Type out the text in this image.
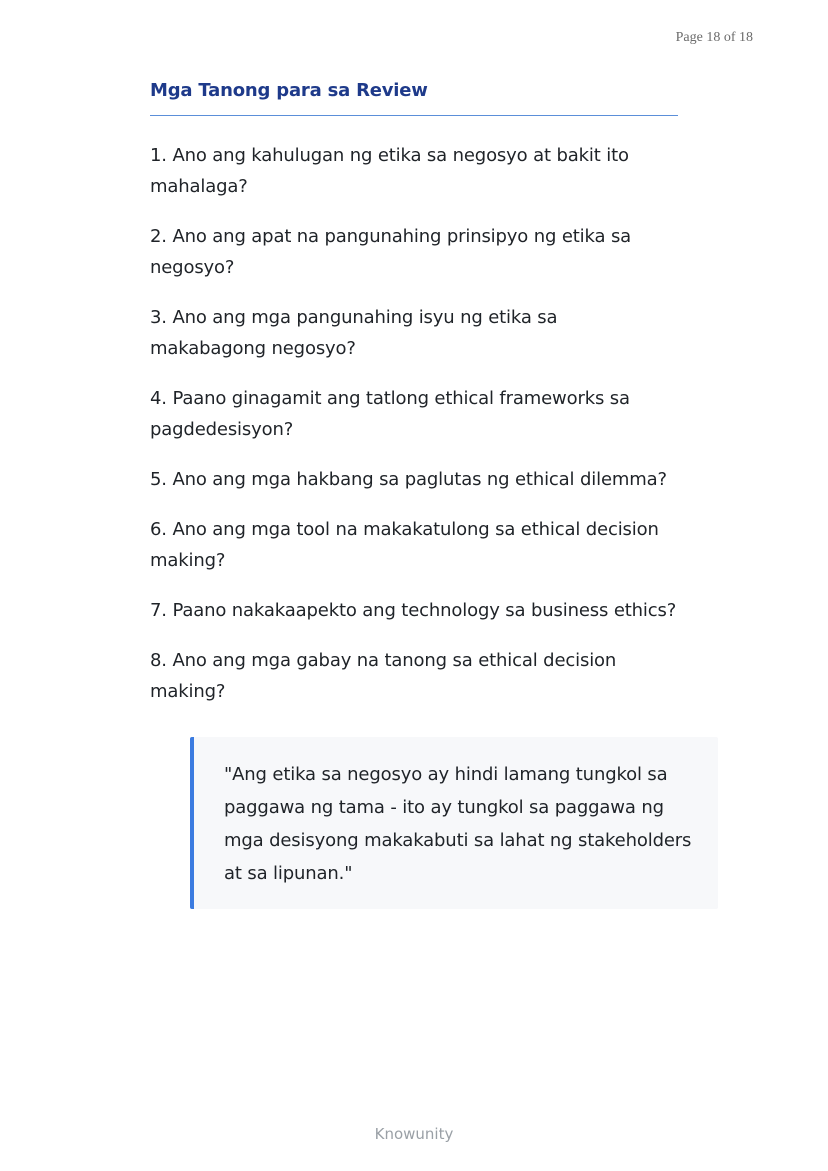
Page 18 of 18
Mga Tanong para sa Review
1. Ano ang kahulugan ng etika sa negosyo at bakit ito mahalaga?
2. Ano ang apat na pangunahing prinsipyo ng etika sa negosyo?
3. Ano ang mga pangunahing isyu ng etika sa makabagong negosyo?
4. Paano ginagamit ang tatlong ethical frameworks sa pagdedesisyon?
5. Ano ang mga hakbang sa paglutas ng ethical dilemma?
6. Ano ang mga tool na makakatulong sa ethical decision making?
7. Paano nakakaapekto ang technology sa business ethics?
8. Ano ang mga gabay na tanong sa ethical decision making?

"Ang etika sa negosyo ay hindi lamang tungkol sa paggawa ng tama - ito ay tungkol sa paggawa ng mga desisyong makakabuti sa lahat ng stakeholders at sa lipunan."

Knowunity
